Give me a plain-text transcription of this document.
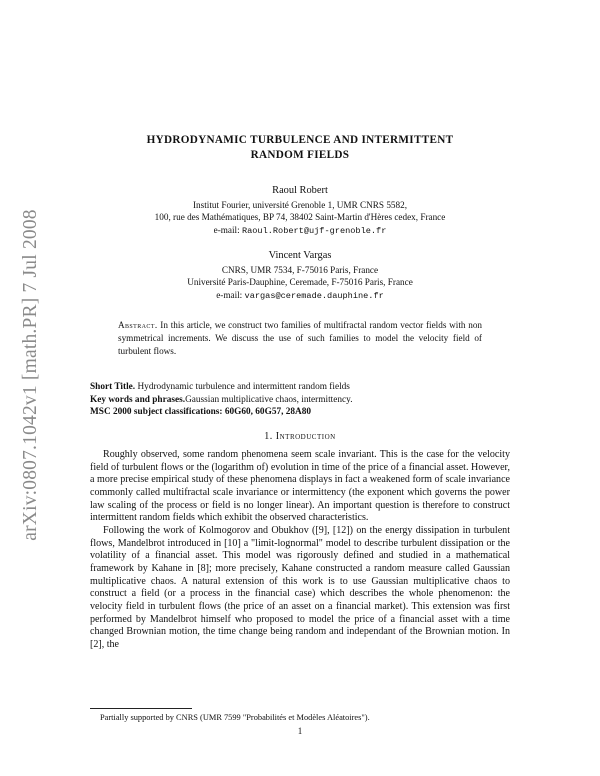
arXiv:0807.1042v1 [math.PR] 7 Jul 2008
HYDRODYNAMIC TURBULENCE AND INTERMITTENT
RANDOM FIELDS
Raoul Robert
Institut Fourier, université Grenoble 1, UMR CNRS 5582,
100, rue des Mathématiques, BP 74, 38402 Saint-Martin d'Hères cedex, France
e-mail: Raoul.Robert@ujf-grenoble.fr
Vincent Vargas
CNRS, UMR 7534, F-75016 Paris, France
Université Paris-Dauphine, Ceremade, F-75016 Paris, France
e-mail: vargas@ceremade.dauphine.fr
Abstract. In this article, we construct two families of multifractal random vector fields with non symmetrical increments. We discuss the use of such families to model the velocity field of turbulent flows.
Short Title. Hydrodynamic turbulence and intermittent random fields
Key words and phrases.Gaussian multiplicative chaos, intermittency.
MSC 2000 subject classifications: 60G60, 60G57, 28A80
1. Introduction

Roughly observed, some random phenomena seem scale invariant. This is the case for the velocity field of turbulent flows or the (logarithm of) evolution in time of the price of a financial asset. However, a more precise empirical study of these phenomena displays in fact a weakened form of scale invariance commonly called multifractal scale invariance or intermittency (the exponent which governs the power law scaling of the process or field is no longer linear). An important question is therefore to construct intermittent random fields which exhibit the observed characteristics.

Following the work of Kolmogorov and Obukhov ([9], [12]) on the energy dissipation in turbulent flows, Mandelbrot introduced in [10] a "limit-lognormal" model to describe turbulent dissipation or the volatility of a financial asset. This model was rigorously defined and studied in a mathematical framework by Kahane in [8]; more precisely, Kahane constructed a random measure called Gaussian multiplicative chaos. A natural extension of this work is to use Gaussian multiplicative chaos to construct a field (or a process in the financial case) which describes the whole phenomenon: the velocity field in turbulent flows (the price of an asset on a financial market). This extension was first performed by Mandelbrot himself who proposed to model the price of a financial asset with a time changed Brownian motion, the time change being random and independant of the Brownian motion. In [2], the

Partially supported by CNRS (UMR 7599 "Probabilités et Modèles Aléatoires").
1
